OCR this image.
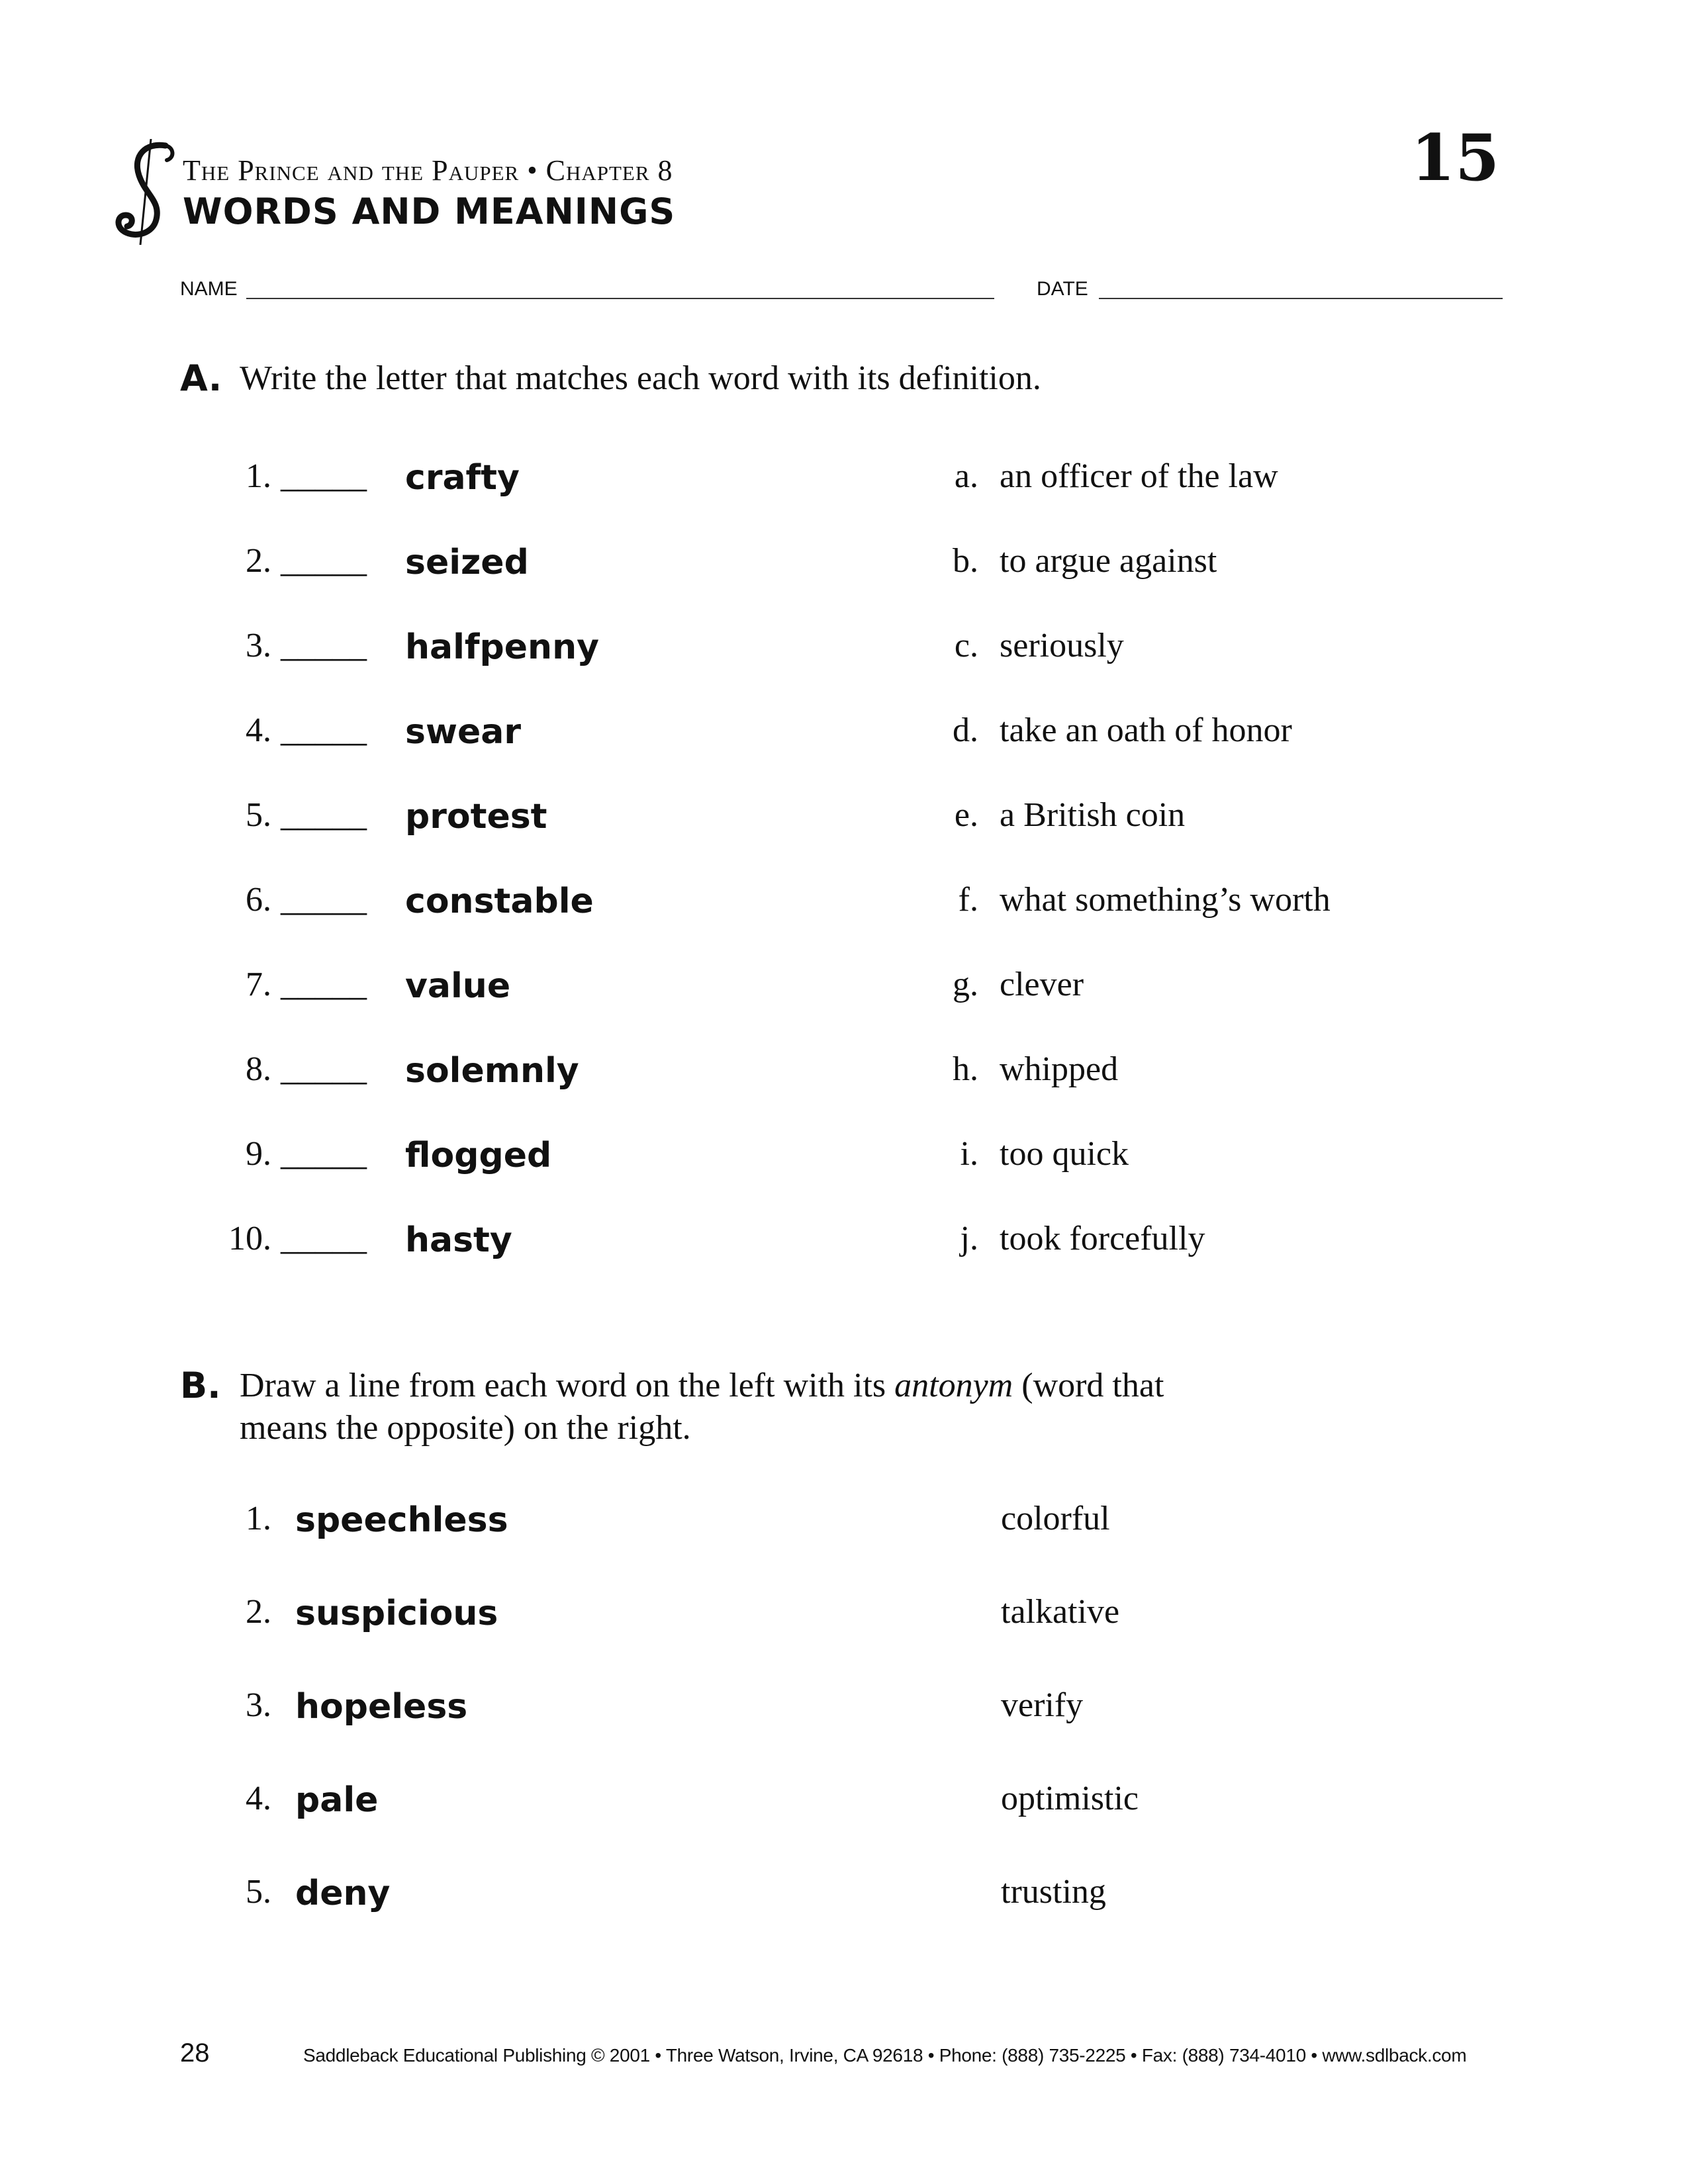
The Prince and the Pauper • Chapter 8
WORDS AND MEANINGS
15
NAME	DATE
A. Write the letter that matches each word with its definition.
1. _____ crafty	a. an officer of the law
2. _____ seized	b. to argue against
3. _____ halfpenny	c. seriously
4. _____ swear	d. take an oath of honor
5. _____ protest	e. a British coin
6. _____ constable	f. what something’s worth
7. _____ value	g. clever
8. _____ solemnly	h. whipped
9. _____ flogged	i. too quick
10. _____ hasty	j. took forcefully
B. Draw a line from each word on the left with its antonym (word that
means the opposite) on the right.
1. speechless	colorful
2. suspicious	talkative
3. hopeless	verify
4. pale	optimistic
5. deny	trusting
28	Saddleback Educational Publishing © 2001 • Three Watson, Irvine, CA 92618 • Phone: (888) 735-2225 • Fax: (888) 734-4010 • www.sdlback.com
